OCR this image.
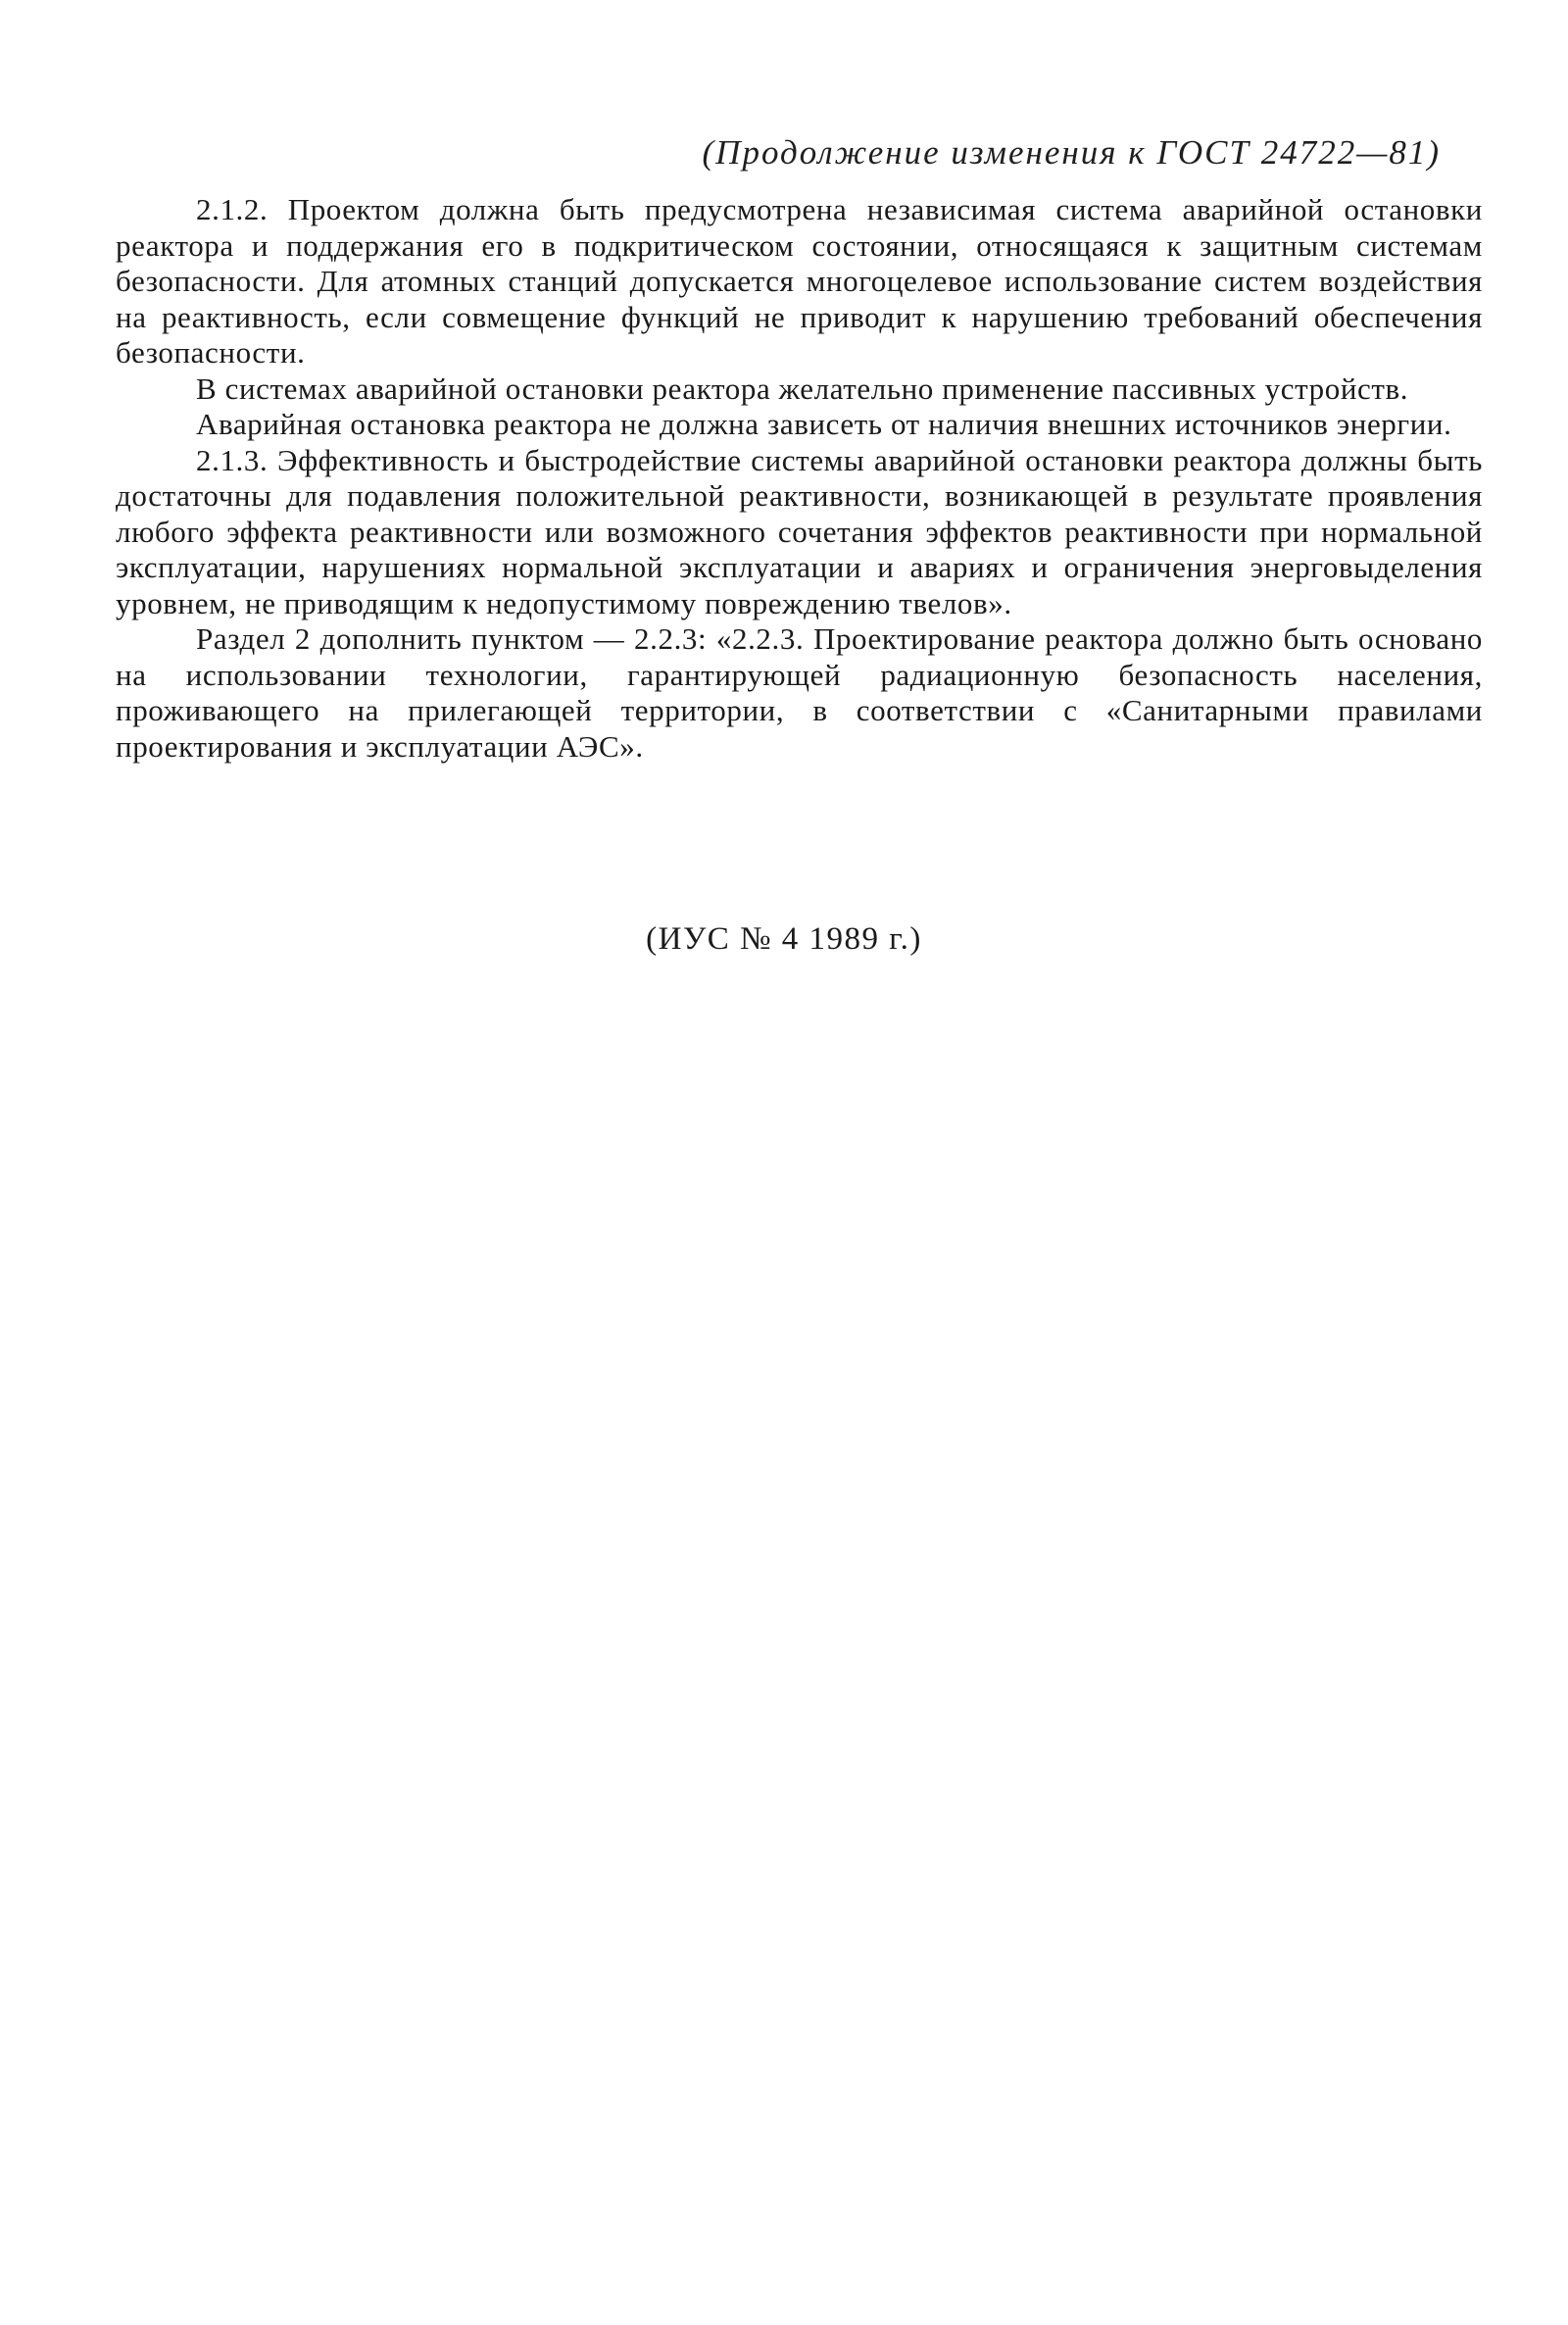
(Продолжение изменения к ГОСТ 24722—81)

2.1.2. Проектом должна быть предусмотрена независимая система аварийной остановки реактора и поддержания его в подкритическом состоянии, относящаяся к защитным системам безопасности. Для атомных станций допускается многоцелевое использование систем воздействия на реактивность, если совмещение функций не приводит к нарушению требований обеспечения безопасности.

В системах аварийной остановки реактора желательно применение пассивных устройств.

Аварийная остановка реактора не должна зависеть от наличия внешних источников энергии.

2.1.3. Эффективность и быстродействие системы аварийной остановки реактора должны быть достаточны для подавления положительной реактивности, возникающей в результате проявления любого эффекта реактивности или возможного сочетания эффектов реактивности при нормальной эксплуатации, нарушениях нормальной эксплуатации и авариях и ограничения энерговыделения уровнем, не приводящим к недопустимому повреждению твелов».

Раздел 2 дополнить пунктом — 2.2.3: «2.2.3. Проектирование реактора должно быть основано на использовании технологии, гарантирующей радиационную безопасность населения, проживающего на прилегающей территории, в соответствии с «Санитарными правилами проектирования и эксплуатации АЭС».

(ИУС № 4 1989 г.)
